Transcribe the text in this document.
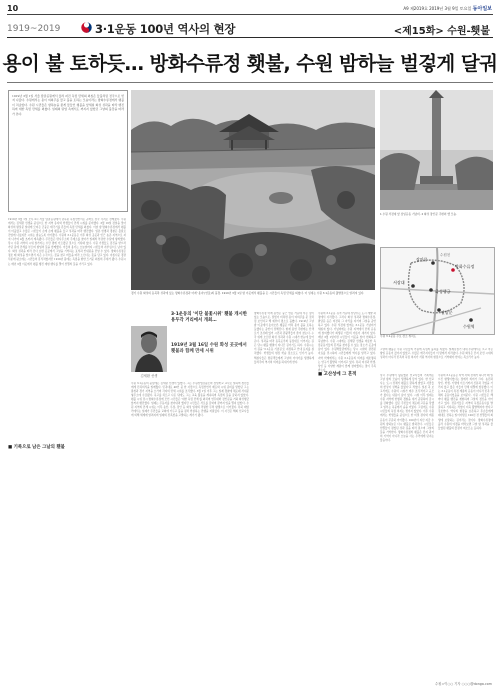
10	A9 제2019호 2019년 3월 9일 토요일 동아일보
1919~2019	3·1운동 100년 역사의 현장	<제15화> 수원-횃불
용이 불 토하듯… 방화수류정 횃불, 수원 밤하늘 벌겋게 달궈
1919년 3월 1일 서울 탑골공원에서 울려 퍼진 독립 만세의 외침은 들불처럼 전국으로 번져 나갔다. 수원에서는 용이 여의주를 물고 불을 토하는 모습이라는 방화수류정에서 횃불이 치솟았다. 수원 시민들은 밤하늘을 붉게 물들인 횃불을 앞세워 화성 성곽을 따라 행진하며 대한 독립 만세를 외쳤다. 일제의 탄압 속에서도 꺼지지 않았던 그날의 불꽃을 따라가 본다.
경기 수원 화성의 동북쪽 성곽에 있는 방화수류정과 아래 '용지'(연못)의 풍경. 1919년 3월 1일 밤 이곳에서 횃불을 든 시민들이 독립 만세를 외쳤다. 이 일대는 수원 3·1운동의 출발점으로 알려져 있다.
1 수원 서장대 앞 삼일운동 기념비. 2 화성 장안문 주변의 옛 모습.
장안문
방화수류정
화성행궁
팔달문
서장대
수원천
수원역
수원 3·1운동 주요 장소 위치도
1919년 3월 1일 오후 2시 서울 탑골공원에서 낭독된 독립선언서는 곧바로 전국 각지로 전해졌다. 수원에서는 김세환 선생을 중심으로 한 지역 유지와 학생들이 만세 시위를 준비했다. 3월 16일 장날을 맞아 화성의 팔달문 일대에 모여든 군중은 태극기를 흔들며 독립 만세를 외쳤다. 이날 밤 방화수류정에서 횃불이 타올랐고 수많은 시민들이 손에 손에 횃불을 들고 성곽을 따라 행진했다. 일본 헌병과 경찰은 총칼로 진압에 나섰지만 시위는 밤늦도록 이어졌다. 수원의 3·1운동은 이후 화성 곳곳과 인근 농촌 지역으로 퍼져 나가며 4월 초까지 계속됐다. 주민들은 면사무소와 주재소를 찾아가 일제의 부당한 수탈에 항의했다. 당시 수원 지역의 시위 참가자는 수만 명에 이르렀던 것으로 기록돼 있다. 수원 기생들도 검진을 받으러 가던 길에 만세를 부르며 항일의 뜻을 함께했다. 이들의 용기는 오늘날까지 시민들의 자부심으로 남아 있다. 화성 성곽을 따라 걷다 보면 곳곳에서 그날을 기억하는 표석과 안내판을 만날 수 있다. 방화수류정은 정조 때 화성을 쌓으면서 지은 누각으로, 꽃을 찾고 버들을 따라 노닌다는 뜻을 담고 있다. 아름다운 경관 덕분에 평소에는 시민들의 휴식처였지만 1919년 봄에는 독립을 향한 뜨거운 외침의 무대가 됐다. 수원시는 매년 3월 이곳에서 횃불 행진 재현 행사를 열어 선열의 뜻을 기리고 있다.
■ 기록으로 남은 그날의 횃불
김세환 선생
3·1운동의 '이단 불꽃시위' 횃불 개시한 용두각 거리에서 개최…
1919년 3월 16일 수원 화성 곳곳에서 횃불과 함께 만세 시위
수원 3·1운동의 중심에는 김세환 선생이 있었다. 그는 수원상업강습소와 삼일학교 교사로 일하며 청년들에게 민족의식을 일깨웠다. 민족대표 48인 중 한 사람으로 독립선언서 배포와 시위 준비를 맡았던 그는 충청과 경기 지역을 오가며 각지의 만세 시위를 조직했다. 3월 1일 이후 그는 일제 경찰에 체포돼 서대문형무소에 수감됐다. 옥고를 치르고 나온 뒤에도 그는 교육 활동을 계속하며 독립의 뜻을 굽히지 않았다. 횃불 시위 당시 방화수류정에 모인 시민들은 '대한 독립 만세'를 외치며 연무대와 장안문을 거쳐 화성행궁 앞까지 행진했다. 일제는 주동자를 찾아내려 했지만 시민들은 서로를 감싸며 끝까지 입을 열지 않았다. 수원 지역의 만세 시위는 이후 송산, 우정, 장안 등 화성 일대의 격렬한 무력 항쟁으로 이어졌다. 특히 제암리에서는 일제가 주민들을 교회에 가두고 불을 질러 학살하는 만행을 저질렀다. 이 사건은 해외 선교사들에 의해 세계에 알려지며 일제의 잔혹함을 고발하는 계기가 됐다.
방화수류정 아래 용연은 둥근 연못 가운데 작은 섬이 있는 모습으로, 달빛이 비치면 용이 여의주를 문 것처럼 보인다고 해 예부터 명소로 꼽혔다. 1919년 그날 밤 이곳에서 솟아오른 횃불은 마치 용이 불을 토하는 듯했다는 증언이 전해진다. 현재 용연 주변에는 산책로가 조성돼 있어 시민과 관광객들이 즐겨 찾는다. 누각 위에 오르면 화성 성곽과 수원 시내가 한눈에 들어온다. 성곽을 따라 동북포루와 동장대로 이어지는 길은 당시 횃불 행렬이 지나간 길이기도 하다. 수원시는 이 길을 '3·1운동 기념길'로 지정하고 안내 표지를 설치했다. 학생들의 현장 학습 장소로도 인기가 높다. 해설사들은 방문객들에게 그날의 이야기를 생생하게 들려주며 역사의 의미를 되새기게 한다.
수원의 3·1운동 유적 가운데 상당수는 도시 개발 과정에서 사라졌다. 그러나 화성 성곽과 방화수류정, 팔달문 등은 여전히 그 자리를 지키며 그날을 증언하고 있다. 수원 서장대 앞에는 3·1운동 기념비가 세워져 있다. 기념비에는 수원 지역에서 만세 운동에 참여했다가 희생된 이들의 이름이 새겨져 있다. 매년 3월 1일이면 시민들이 이곳을 찾아 헌화하고 묵념한다. 수원 시내에는 김세환 선생을 비롯한 독립운동가들의 흔적을 찾아볼 수 있는 장소가 곳곳에 남아 있다. 수원박물관에서는 당시 시위와 관련된 자료를 전시하며 시민들에게 역사를 알리고 있다. 지역 학계에서는 수원 3·1운동의 의미를 재조명하는 연구가 활발히 이어지고 있다. 특히 여성과 학생, 상인 등 다양한 계층이 함께 참여했다는 점이 주목받는다.
■ 고산성에 그 흔적
그날의 횃불은 수원 시민들의 가슴에 독립의 불씨를 지폈다. 일제강점기 내내 수원에서는 크고 작은 항일 운동이 끊이지 않았고, 수많은 애국지사들이 이 땅에서 자라났다. 수원 화성은 단지 조선 시대의 성곽이 아니라 민족의 독립 의지가 서린 역사의 현장으로 기억돼야 한다는 목소리가 높다.
당시 수원에서 활동했던 선교사들의 기록에는 그날 밤의 모습이 생생하게 담겨 있다. 한 선교사는 '도시 전체가 횃불로 환하게 밝았고 사람들의 함성이 성벽을 울렸다'고 적었다. 일본 측 보고서에도 수원의 시위가 매우 조직적이고 규모가 컸다는 내용이 남아 있다. 시위 이후 일제는 수원 지역에 헌병과 경찰을 대거 증원하며 감시를 강화했다. 많은 주민들이 체포돼 고문을 당했고 일부는 옥중에서 숨을 거뒀다. 그럼에도 수원 시민들의 독립 의지는 꺾이지 않았다. 이후 수원에서는 학생들을 중심으로 한 비밀 결사와 계몽 운동이 꾸준히 이어졌다. 100년이 지난 지금 수원의 밤하늘은 다시 횃불로 밝혀진다. 시민들은 선열들이 걸었던 성곽 길을 따라 걸으며 그날의 뜻을 기억한다. 방화수류정의 횃불은 단지 과거의 기억이 아니라 오늘을 사는 우리에게 던지는 물음이다.
수원의 3·1운동은 지역 사회 전체가 하나가 돼 일으킨 항쟁이었다는 점에서 의미가 크다. 농민과 상인, 학생, 기생에 이르기까지 신분과 직업을 가리지 않고 많은 이들이 만세 대열에 합류했다. 이는 3·1운동이 특정 계층의 운동이 아니라 민족 전체의 운동이었음을 보여준다. 수원 시민들은 해마다 횃불 행진을 재현하며 그날의 정신을 이어가고 있다. 전문가들은 지역의 독립운동사를 발굴하고 기록하는 작업이 더욱 활발해져야 한다고 강조한다. 역사의 현장을 보존하고 후손들에게 제대로 전하는 일이야말로 100년 전 선열들의 희생에 보답하는 길이라는 것이다. 방화수류정에 올라 수원의 야경을 바라보면 그날 밤 성곽을 물들였던 횃불의 물결이 떠오르는 듯하다.
수원=이○○ 기자 ○○○@donga.com
